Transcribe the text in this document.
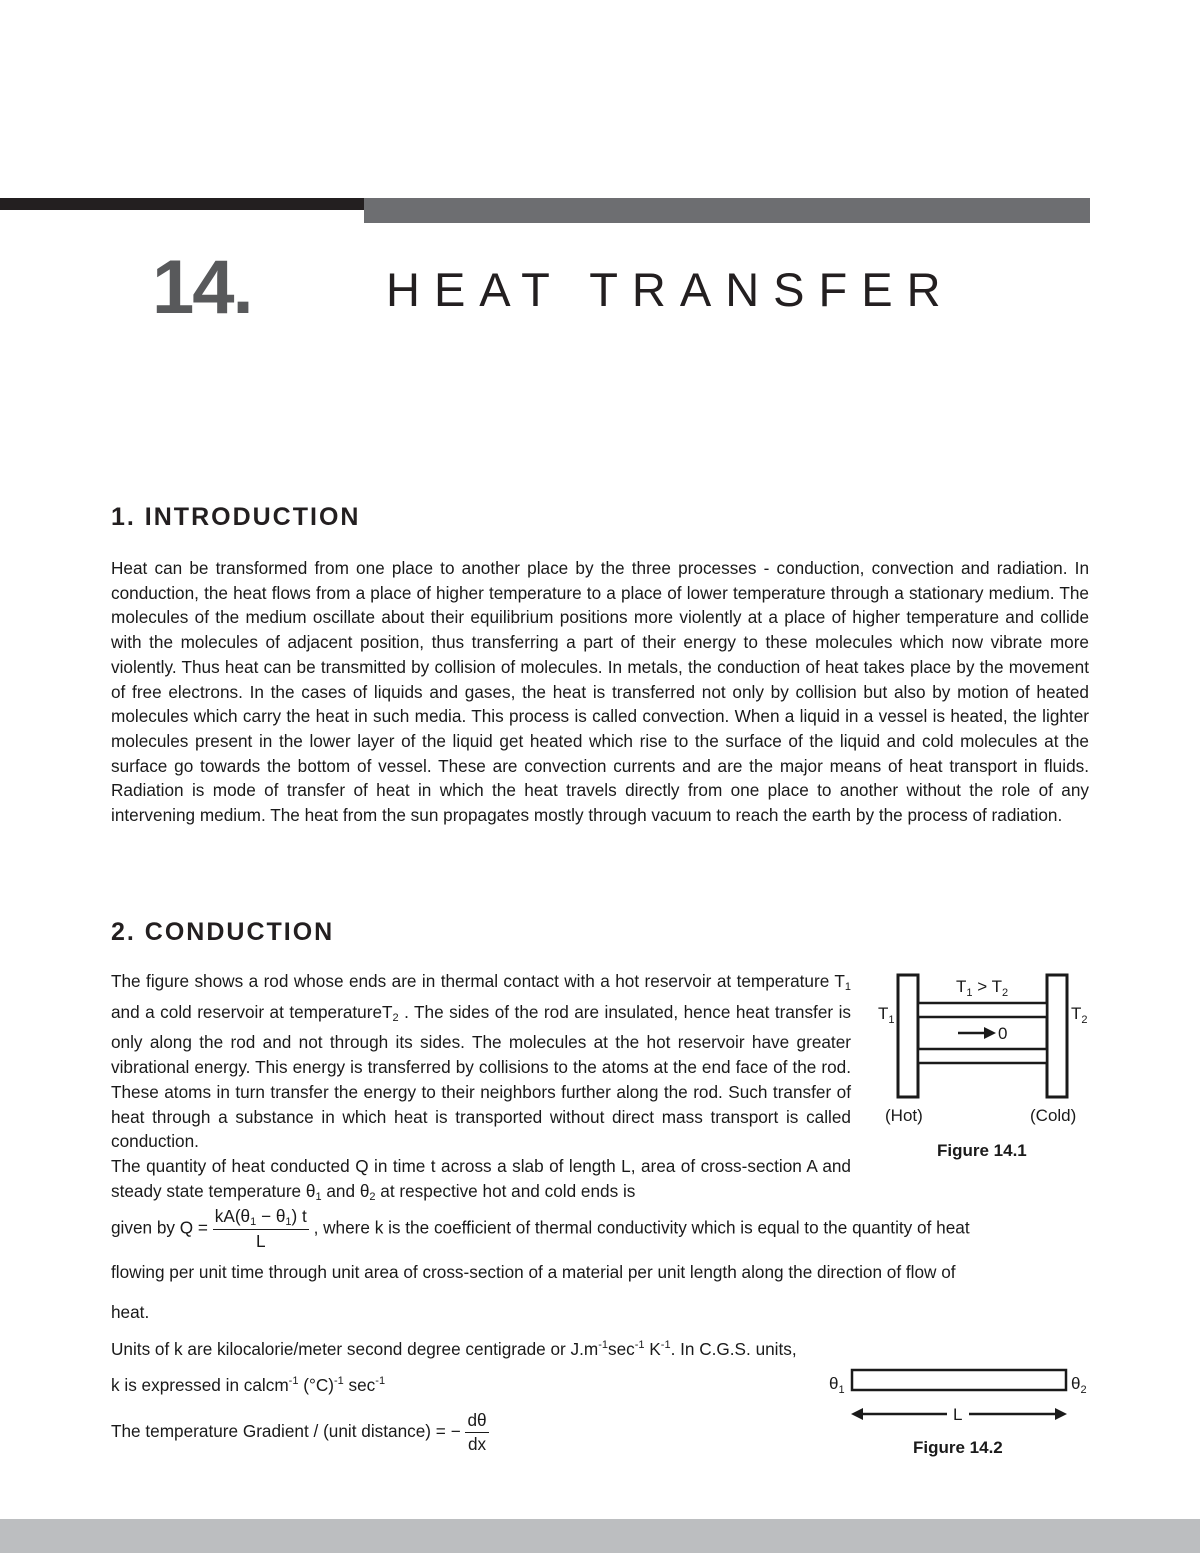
14.	HEAT TRANSFER
1. INTRODUCTION
Heat can be transformed from one place to another place by the three processes - conduction, convection and radiation. In conduction, the heat flows from a place of higher temperature to a place of lower temperature through a stationary medium. The molecules of the medium oscillate about their equilibrium positions more violently at a place of higher temperature and collide with the molecules of adjacent position, thus transferring a part of their energy to these molecules which now vibrate more violently. Thus heat can be transmitted by collision of molecules. In metals, the conduction of heat takes place by the movement of free electrons. In the cases of liquids and gases, the heat is transferred not only by collision but also by motion of heated molecules which carry the heat in such media. This process is called convection. When a liquid in a vessel is heated, the lighter molecules present in the lower layer of the liquid get heated which rise to the surface of the liquid and cold molecules at the surface go towards the bottom of vessel. These are convection currents and are the major means of heat transport in fluids. Radiation is mode of transfer of heat in which the heat travels directly from one place to another without the role of any intervening medium. The heat from the sun propagates mostly through vacuum to reach the earth by the process of radiation.
2. CONDUCTION
The figure shows a rod whose ends are in thermal contact with a hot reservoir at temperature $T_1$ and a cold reservoir at temperatureT$_2$ . The sides of the rod are insulated, hence heat transfer is only along the rod and not through its sides. The molecules at the hot reservoir have greater vibrational energy. This energy is transferred by collisions to the atoms at the end face of the rod. These atoms in turn transfer the energy to their neighbors further along the rod. Such transfer of heat through a substance in which heat is transported without direct mass transport is called conduction.
The quantity of heat conducted Q in time t across a slab of length L, area of cross-section A and steady state temperature $\theta_1$ and $\theta_2$ at respective hot and cold ends is
given by $Q = \frac{kA(\theta_1 - \theta_1) t}{L}$ , where k is the coefficient of thermal conductivity which is equal to the quantity of heat
flowing per unit time through unit area of cross-section of a material per unit length along the direction of flow of
heat.
Units of k are kilocalorie/meter second degree centigrade or $J.m^{-1}\sec^{-1}$ $K^{-1}$. In C.G.S. units,
k is expressed in calcm$^{-1}$ $(^\circ C)^{-1}$ $\sec^{-1}$
The temperature Gradient / (unit distance) = − $\frac{d\theta}{dx}$
0
$T_1 > T_2$
$T_1$	$T_2$
(Hot)	(Cold)
Figure 14.1
$\theta_1$	$\theta_2$
L
Figure 14.2
